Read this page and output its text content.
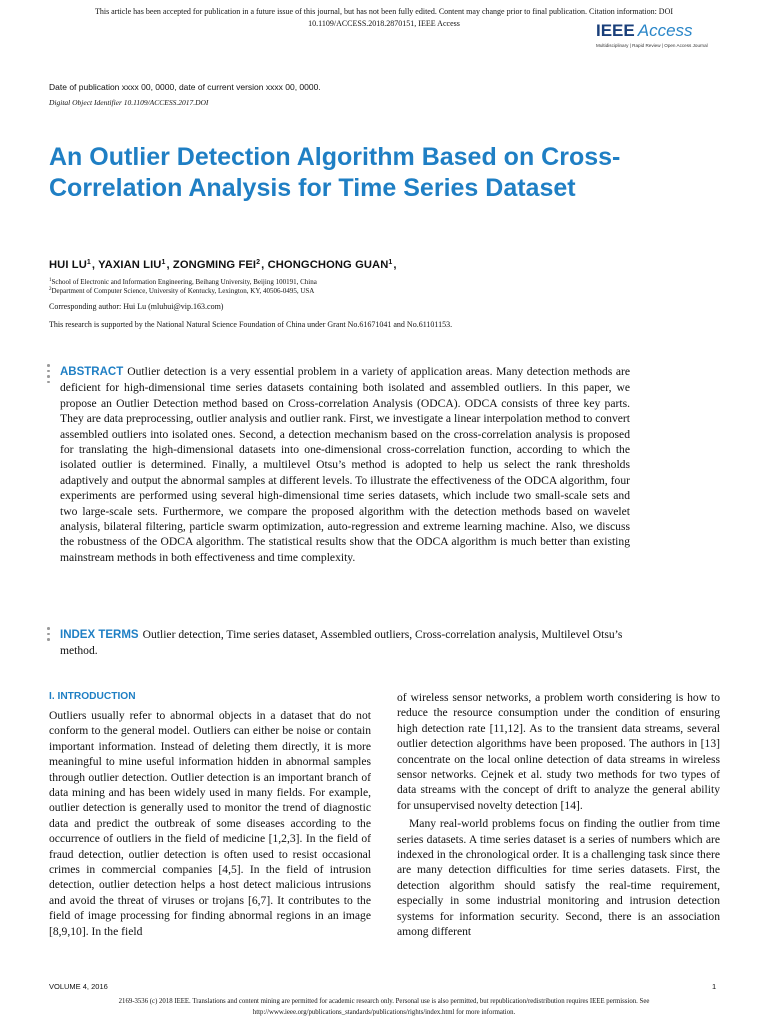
This article has been accepted for publication in a future issue of this journal, but has not been fully edited. Content may change prior to final publication. Citation information: DOI
10.1109/ACCESS.2018.2870151, IEEE Access	IEEE Access
Multidisciplinary | Rapid Review | Open Access Journal
Date of publication xxxx 00, 0000, date of current version xxxx 00, 0000.
Digital Object Identifier 10.1109/ACCESS.2017.DOI
An Outlier Detection Algorithm Based on Cross-Correlation Analysis for Time Series Dataset
HUI $LU^1$, YAXIAN LIU$^1$, ZONGMING FEI$^2$, CHONGCHONG GUAN$^1$,
$^1$School of Electronic and Information Engineering, Beihang University, Beijing 100191, China
$^2$Department of Computer Science, University of Kentucky, Lexington, KY, 40506-0495, USA
Corresponding author: Hui Lu (mluhui@vip.163.com)
This research is supported by the National Natural Science Foundation of China under Grant No.61671041 and No.61101153.

ABSTRACT Outlier detection is a very essential problem in a variety of application areas. Many detection methods are deficient for high-dimensional time series datasets containing both isolated and assembled outliers. In this paper, we propose an Outlier Detection method based on Cross-correlation Analysis (ODCA). ODCA consists of three key parts. They are data preprocessing, outlier analysis and outlier rank. First, we investigate a linear interpolation method to convert assembled outliers into isolated ones. Second, a detection mechanism based on the cross-correlation analysis is proposed for translating the high-dimensional datasets into one-dimensional cross-correlation function, according to which the isolated outlier is determined. Finally, a multilevel Otsu’s method is adopted to help us select the rank thresholds adaptively and output the abnormal samples at different levels. To illustrate the effectiveness of the ODCA algorithm, four experiments are performed using several high-dimensional time series datasets, which include two small-scale sets and two large-scale sets. Furthermore, we compare the proposed algorithm with the detection methods based on wavelet analysis, bilateral filtering, particle swarm optimization, auto-regression and extreme learning machine. Also, we discuss the robustness of the ODCA algorithm. The statistical results show that the ODCA algorithm is much better than existing mainstream methods in both effectiveness and time complexity.

INDEX TERMS Outlier detection, Time series dataset, Assembled outliers, Cross-correlation analysis, Multilevel Otsu’s method.

I. INTRODUCTION

Outliers usually refer to abnormal objects in a dataset that do not conform to the general model. Outliers can either be noise or contain important information. Instead of deleting them directly, it is more meaningful to mine useful information hidden in abnormal samples through outlier detection. Outlier detection is an important branch of data mining and has been widely used in many fields. For example, outlier detection is generally used to monitor the trend of diagnostic data and predict the outbreak of some diseases according to the occurrence of outliers in the field of medicine [1,2,3]. In the field of fraud detection, outlier detection is often used to resist occasional crimes in commercial companies [4,5]. In the field of intrusion detection, outlier detection helps a host detect malicious intrusions and avoid the threat of viruses or trojans [6,7]. It contributes to the field of image processing for finding abnormal regions in an image [8,9,10]. In the field

of wireless sensor networks, a problem worth considering is how to reduce the resource consumption under the condition of ensuring high detection rate [11,12]. As to the transient data streams, several outlier detection algorithms have been proposed. The authors in [13] concentrate on the local online detection of data streams in wireless sensor networks. Cejnek et al. study two methods for two types of data streams with the concept of drift to analyze the general ability for unsupervised novelty detection [14].

Many real-world problems focus on finding the outlier from time series datasets. A time series dataset is a series of numbers which are indexed in the chronological order. It is a challenging task since there are many detection difficulties for time series datasets. First, the detection algorithm should satisfy the real-time requirement, especially in some industrial monitoring and intrusion detection systems for information security. Second, there is an association among different

VOLUME 4, 2016	1
2169-3536 (c) 2018 IEEE. Translations and content mining are permitted for academic research only. Personal use is also permitted, but republication/redistribution requires IEEE permission. See
http://www.ieee.org/publications_standards/publications/rights/index.html for more information.
